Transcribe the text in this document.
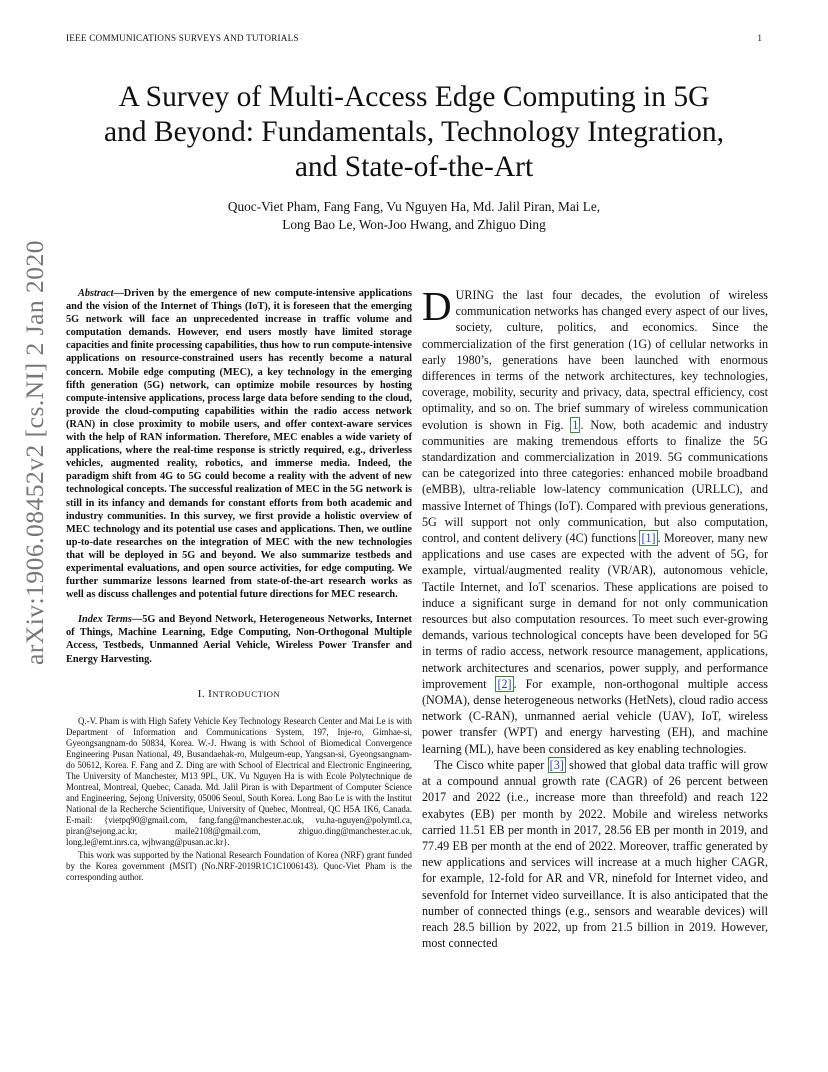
IEEE COMMUNICATIONS SURVEYS AND TUTORIALS	1
arXiv:1906.08452v2 [cs.NI] 2 Jan 2020
A Survey of Multi-Access Edge Computing in 5G
and Beyond: Fundamentals, Technology Integration,
and State-of-the-Art
Quoc-Viet Pham, Fang Fang, Vu Nguyen Ha, Md. Jalil Piran, Mai Le,
Long Bao Le, Won-Joo Hwang, and Zhiguo Ding

Abstract—Driven by the emergence of new compute-intensive applications and the vision of the Internet of Things (IoT), it is foreseen that the emerging 5G network will face an unprecedented increase in traffic volume and computation demands. However, end users mostly have limited storage capacities and finite processing capabilities, thus how to run compute-intensive applications on resource-constrained users has recently become a natural concern. Mobile edge computing (MEC), a key technology in the emerging fifth generation (5G) network, can optimize mobile resources by hosting compute-intensive applications, process large data before sending to the cloud, provide the cloud-computing capabilities within the radio access network (RAN) in close proximity to mobile users, and offer context-aware services with the help of RAN information. Therefore, MEC enables a wide variety of applications, where the real-time response is strictly required, e.g., driverless vehicles, augmented reality, robotics, and immerse media. Indeed, the paradigm shift from 4G to 5G could become a reality with the advent of new technological concepts. The successful realization of MEC in the 5G network is still in its infancy and demands for constant efforts from both academic and industry communities. In this survey, we first provide a holistic overview of MEC technology and its potential use cases and applications. Then, we outline up-to-date researches on the integration of MEC with the new technologies that will be deployed in 5G and beyond. We also summarize testbeds and experimental evaluations, and open source activities, for edge computing. We further summarize lessons learned from state-of-the-art research works as well as discuss challenges and potential future directions for MEC research.

Index Terms—5G and Beyond Network, Heterogeneous Networks, Internet of Things, Machine Learning, Edge Computing, Non-Orthogonal Multiple Access, Testbeds, Unmanned Aerial Vehicle, Wireless Power Transfer and Energy Harvesting.

I. INTRODUCTION

Q.-V. Pham is with High Safety Vehicle Key Technology Research Center and Mai Le is with Department of Information and Communications System, 197, Inje-ro, Gimhae-si, Gyeongsangnam-do 50834, Korea. W.-J. Hwang is with School of Biomedical Convergence Engineering Pusan National, 49, Busandaehak-ro, Mulgeum-eup, Yangsan-si, Gyeongsangnam-do 50612, Korea. F. Fang and Z. Ding are with School of Electrical and Electronic Engineering, The University of Manchester, M13 9PL, UK. Vu Nguyen Ha is with Ecole Polytechnique de Montreal, Montreal, Quebec, Canada. Md. Jalil Piran is with Department of Computer Science and Engineering, Sejong University, 05006 Seoul, South Korea. Long Bao Le is with the Institut National de la Recherche Scientifique, University of Quebec, Montreal, QC H5A 1K6, Canada. E-mail: {vietpq90@gmail.com, fang.fang@manchester.ac.uk, vu.ha-nguyen@polymtl.ca, piran@sejong.ac.kr, maile2108@gmail.com, zhiguo.ding@manchester.ac.uk, long.le@emt.inrs.ca, wjhwang@pusan.ac.kr}.

This work was supported by the National Research Foundation of Korea (NRF) grant funded by the Korea government (MSIT) (No.NRF-2019R1C1C1006143). Quoc-Viet Pham is the corresponding author.

DURING the last four decades, the evolution of wireless communication networks has changed every aspect of our lives, society, culture, politics, and economics. Since the commercialization of the first generation (1G) of cellular networks in early 1980’s, generations have been launched with enormous differences in terms of the network architectures, key technologies, coverage, mobility, security and privacy, data, spectral efficiency, cost optimality, and so on. The brief summary of wireless communication evolution is shown in Fig. 1 . Now, both academic and industry communities are making tremendous efforts to finalize the 5G standardization and commercialization in 2019. 5G communications can be categorized into three categories: enhanced mobile broadband (eMBB), ultra-reliable low-latency communication (URLLC), and massive Internet of Things (IoT). Compared with previous generations, 5G will support not only communication, but also computation, control, and content delivery (4C) functions [1] . Moreover, many new applications and use cases are expected with the advent of 5G, for example, virtual/augmented reality (VR/AR), autonomous vehicle, Tactile Internet, and IoT scenarios. These applications are poised to induce a significant surge in demand for not only communication resources but also computation resources. To meet such ever-growing demands, various technological concepts have been developed for 5G in terms of radio access, network resource management, applications, network architectures and scenarios, power supply, and performance improvement [2] . For example, non-orthogonal multiple access (NOMA), dense heterogeneous networks (HetNets), cloud radio access network (C-RAN), unmanned aerial vehicle (UAV), IoT, wireless power transfer (WPT) and energy harvesting (EH), and machine learning (ML), have been considered as key enabling technologies.

The Cisco white paper [3] showed that global data traffic will grow at a compound annual growth rate (CAGR) of 26 percent between 2017 and 2022 (i.e., increase more than threefold) and reach 122 exabytes (EB) per month by 2022. Mobile and wireless networks carried 11.51 EB per month in 2017, 28.56 EB per month in 2019, and 77.49 EB per month at the end of 2022. Moreover, traffic generated by new applications and services will increase at a much higher CAGR, for example, 12-fold for AR and VR, ninefold for Internet video, and sevenfold for Internet video surveillance. It is also anticipated that the number of connected things (e.g., sensors and wearable devices) will reach 28.5 billion by 2022, up from 21.5 billion in 2019. However, most connected
